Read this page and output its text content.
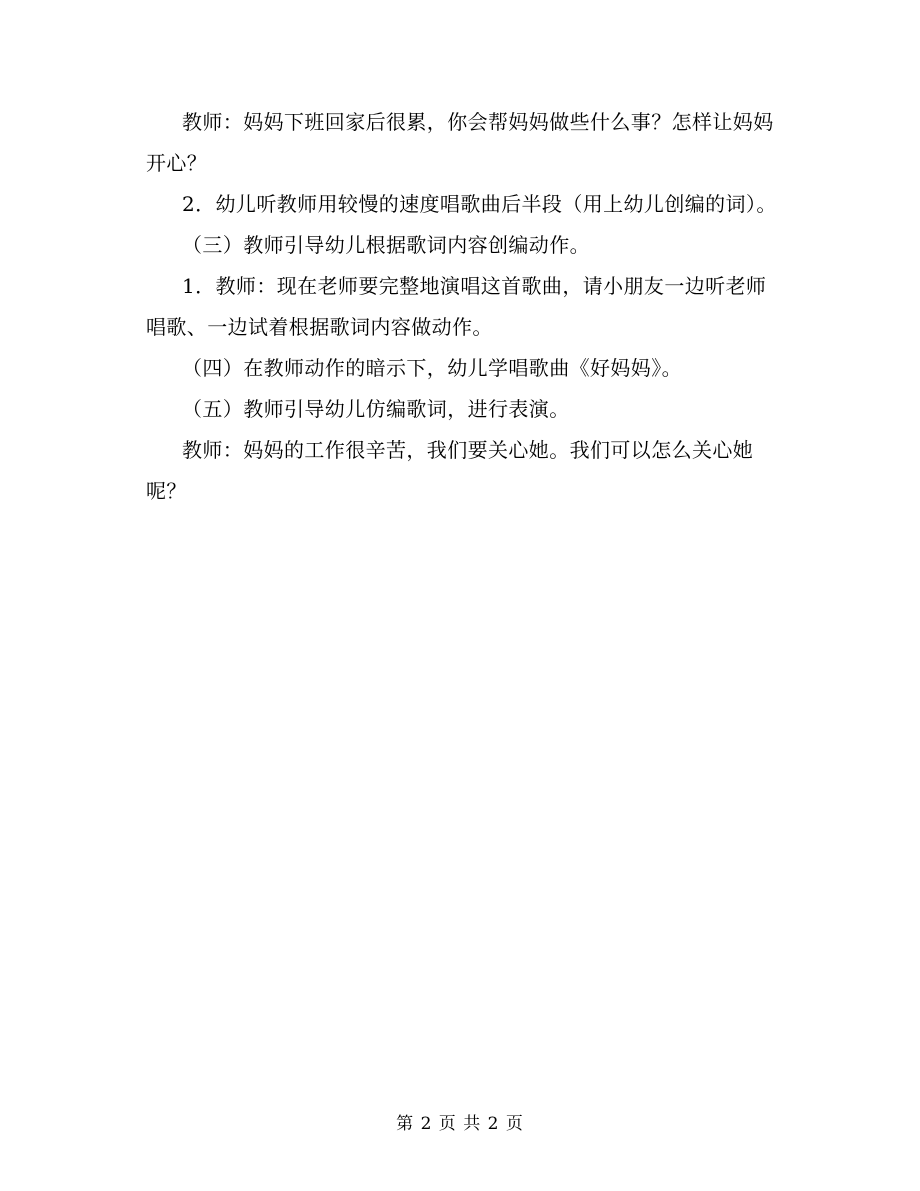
教师：妈妈下班回家后很累，你会帮妈妈做些什么事？怎样让妈妈开心？

2．幼儿听教师用较慢的速度唱歌曲后半段（用上幼儿创编的词）。

（三）教师引导幼儿根据歌词内容创编动作。

1．教师：现在老师要完整地演唱这首歌曲，请小朋友一边听老师唱歌、一边试着根据歌词内容做动作。

（四）在教师动作的暗示下，幼儿学唱歌曲《好妈妈》。

（五）教师引导幼儿仿编歌词，进行表演。

教师：妈妈的工作很辛苦，我们要关心她。我们可以怎么关心她呢？

第 2 页 共 2 页
